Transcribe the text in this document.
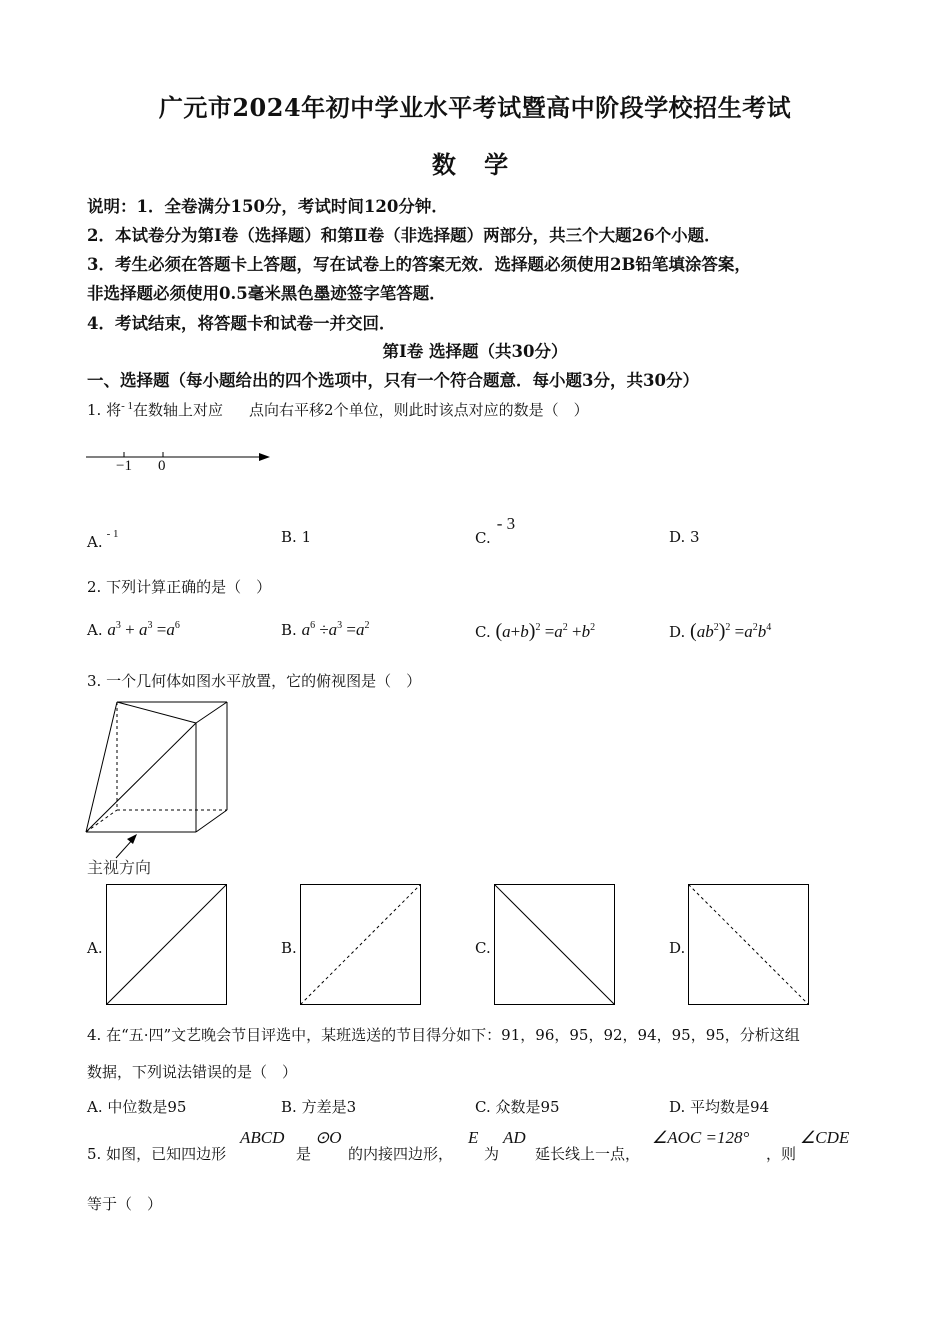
广元市2024年初中学业水平考试暨高中阶段学校招生考试
数 学
说明：1．全卷满分150分，考试时间120分钟．
2．本试卷分为第Ⅰ卷（选择题）和第Ⅱ卷（非选择题）两部分，共三个大题26个小题．
3．考生必须在答题卡上答题，写在试卷上的答案无效．选择题必须使用2B铅笔填涂答案，
非选择题必须使用0.5毫米黑色墨迹签字笔答题．
4．考试结束，将答题卡和试卷一并交回．
第Ⅰ卷 选择题（共30分）
一、选择题（每小题给出的四个选项中，只有一个符合题意．每小题3分，共30分）
1. 将$^{- 1}$在数轴上对应 点向右平移2个单位，则此时该点对应的数是（　）
−1 0
A. $^{- 1}$	B. 1	C.- 3
D. 3
2. 下列计算正确的是（　）
A. $a^3 + a^3 =a^6$	B. $a^6 \div a^3 =a^2$	C. $(a+b)^2 =a^2 +b^2$	D. $(ab^2)^2 =a^2b^4$
3. 一个几何体如图水平放置，它的俯视图是（　）
主视方向
A.	B.	C.	D.
4. 在“五·四”文艺晚会节目评选中，某班选送的节目得分如下：91，96，95，92，94，95，95，分析这组
数据，下列说法错误的是（　）
A. 中位数是95	B. 方差是3	C. 众数是95	D. 平均数是94
5. 如图，已知四边形
ABCD
是
⊙O
的内接四边形，
E
为
AD
延长线上一点，
∠AOC =128°
，则
∠CDE
等于（　）
